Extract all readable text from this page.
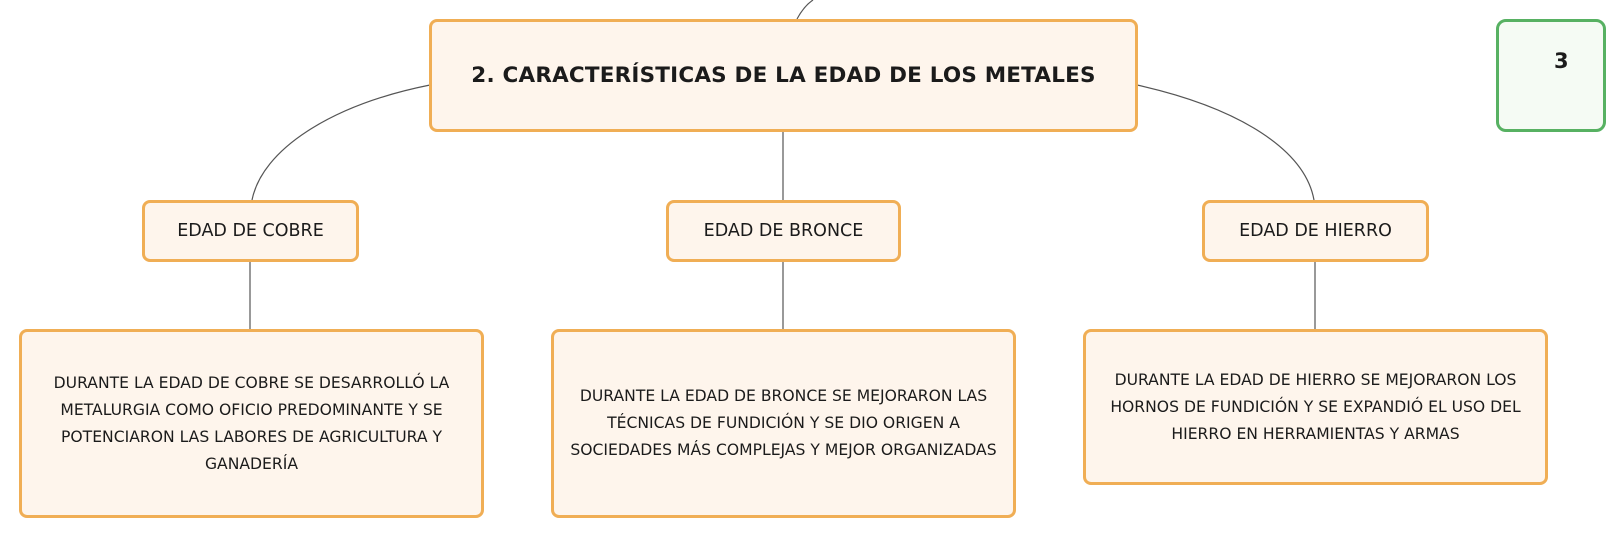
2. CARACTERÍSTICAS DE LA EDAD DE LOS METALES
EDAD DE COBRE	EDAD DE BRONCE	EDAD DE HIERRO
DURANTE LA EDAD DE COBRE SE DESARROLLÓ LA METALURGIA COMO OFICIO PREDOMINANTE Y SE POTENCIARON LAS LABORES DE AGRICULTURA Y GANADERÍA
DURANTE LA EDAD DE BRONCE SE MEJORARON LAS TÉCNICAS DE FUNDICIÓN Y SE DIO ORIGEN A SOCIEDADES MÁS COMPLEJAS Y MEJOR ORGANIZADAS
DURANTE LA EDAD DE HIERRO SE MEJORARON LOS HORNOS DE FUNDICIÓN Y SE EXPANDIÓ EL USO DEL HIERRO EN HERRAMIENTAS Y ARMAS
3
